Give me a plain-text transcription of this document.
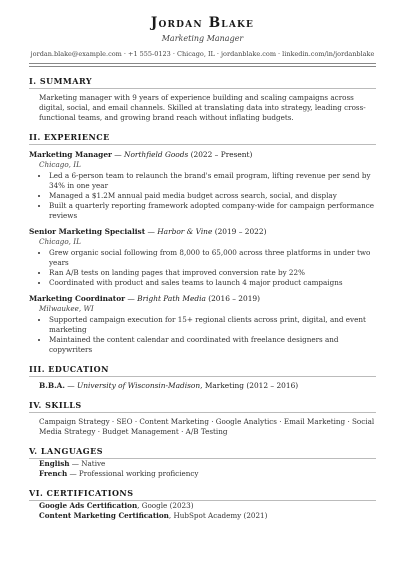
Jordan Blake
Marketing Manager
jordan.blake@example.com · +1 555-0123 · Chicago, IL · jordanblake.com · linkedin.com/in/jordanblake
I. SUMMARY
Marketing manager with 9 years of experience building and scaling campaigns across digital, social, and email channels. Skilled at translating data into strategy, leading cross-functional teams, and growing brand reach without inflating budgets.
II. EXPERIENCE
Marketing Manager — Northfield Goods (2022 – Present)
Chicago, IL
• Led a 6-person team to relaunch the brand's email program, lifting revenue per send by 34% in one year
• Managed a $1.2M annual paid media budget across search, social, and display
• Built a quarterly reporting framework adopted company-wide for campaign performance reviews
Senior Marketing Specialist — Harbor & Vine (2019 – 2022)
Chicago, IL
• Grew organic social following from 8,000 to 65,000 across three platforms in under two years
• Ran A/B tests on landing pages that improved conversion rate by 22%
• Coordinated with product and sales teams to launch 4 major product campaigns
Marketing Coordinator — Bright Path Media (2016 – 2019)
Milwaukee, WI
• Supported campaign execution for 15+ regional clients across print, digital, and event marketing
• Maintained the content calendar and coordinated with freelance designers and copywriters
III. EDUCATION
B.B.A. — University of Wisconsin-Madison, Marketing (2012 – 2016)
IV. SKILLS
Campaign Strategy · SEO · Content Marketing · Google Analytics · Email Marketing · Social Media Strategy · Budget Management · A/B Testing
V. LANGUAGES
English — Native
French — Professional working proficiency
VI. CERTIFICATIONS
Google Ads Certification, Google (2023)
Content Marketing Certification, HubSpot Academy (2021)
